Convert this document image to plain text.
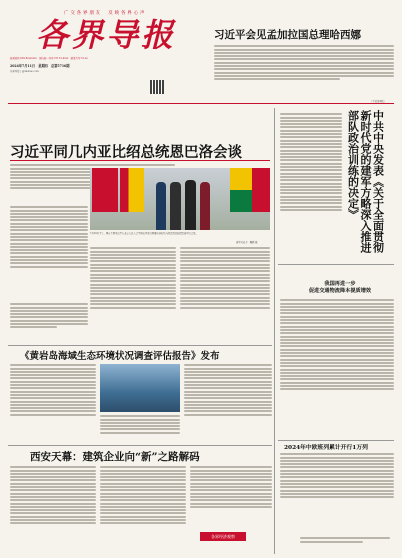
广 交 各 界 朋 友 　 反 映 各 界 心 声
各界导报
新闻热线:029-8xxxxxxx　国内统一刊号:CN 61-0xxx　邮发代号:51-xx
2024年7月11日　星期四　总第5716期
各界导报 | gjdaobao.com
习近平会见孟加拉国总理哈西娜
（下转第2版）
习近平同几内亚比绍总统恩巴洛会谈
7月10日下午，国家主席习近平在北京人民大会堂同来华进行国事访问的几内亚比绍总统恩巴洛举行会谈。
新华社记者　鞠鹏 摄	中共中央发表《关于全面贯彻新时代党的建军方略深入推进部队政治训练的决定》
我国再进一步
促进交通物流降本提质增效
《黄岩岛海域生态环境状况调查评估报告》发布
西安天幕：建筑企业向“新”之路解码
各界经济观察
2024年中欧班列累计开行1万列
